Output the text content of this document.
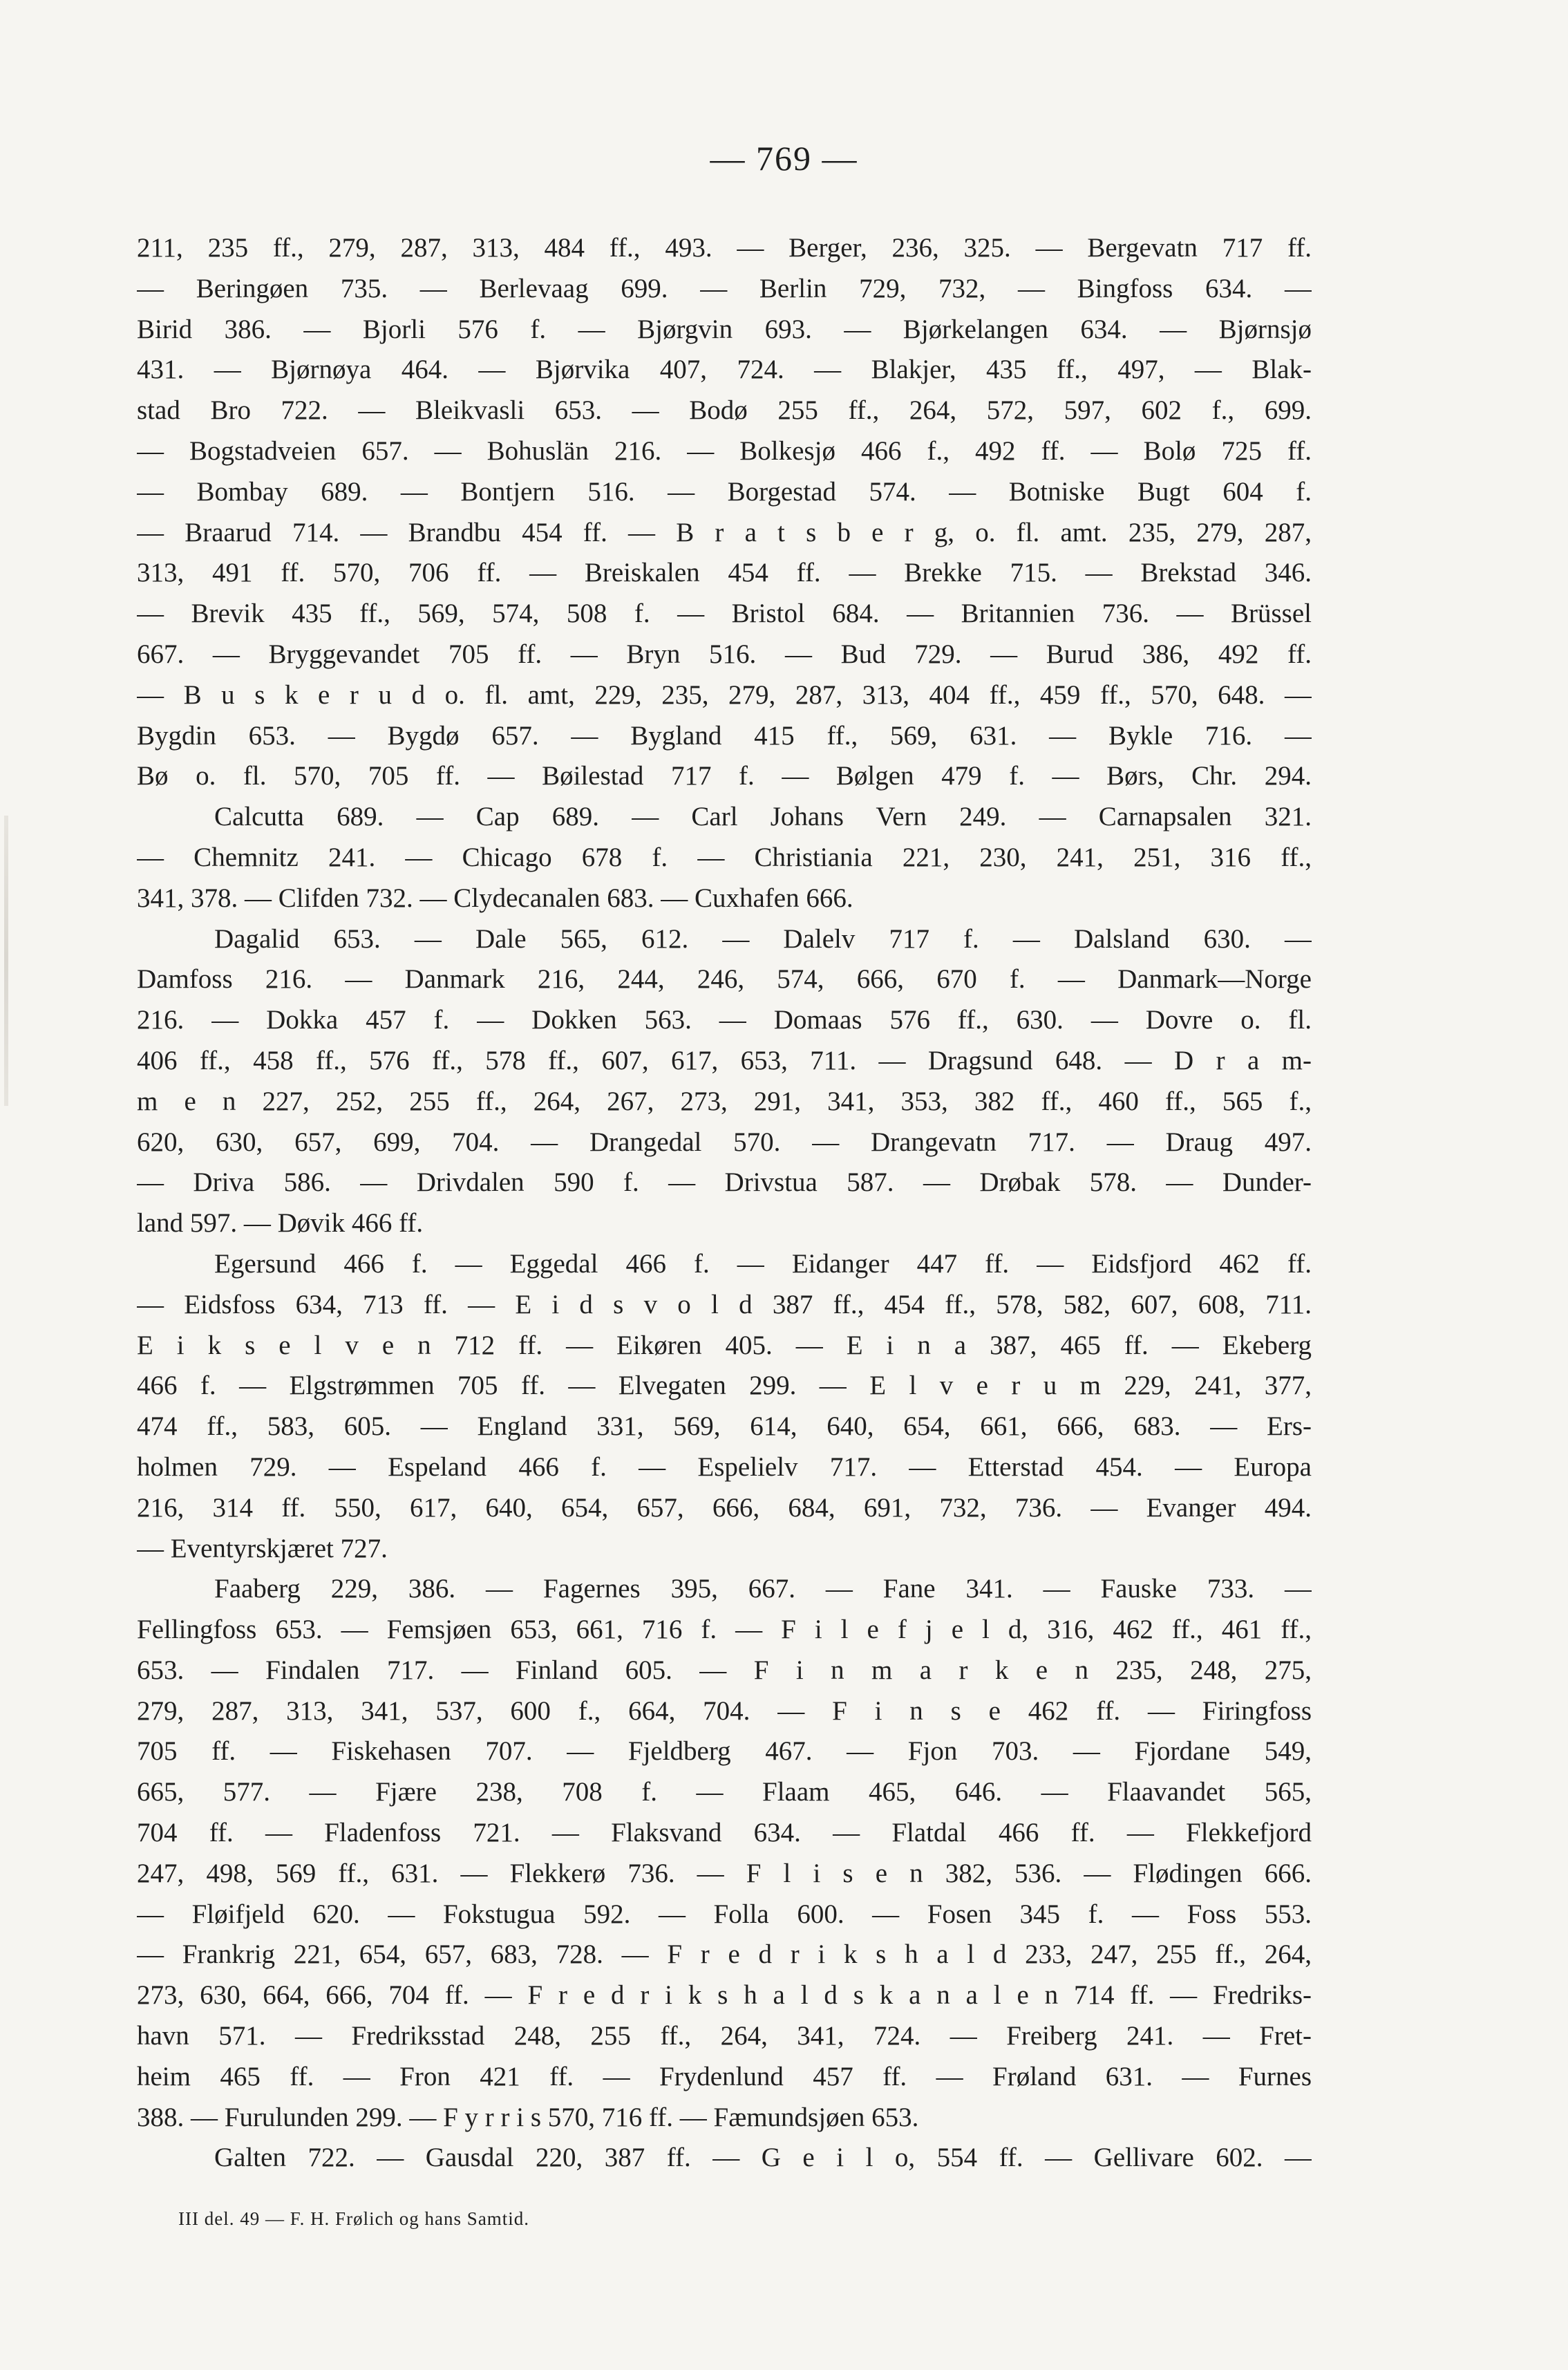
— 769 —
211, 235 ff., 279, 287, 313, 484 ff., 493. — Berger, 236, 325. — Bergevatn 717 ff.
— Beringøen 735. — Berlevaag 699. — Berlin 729, 732, — Bingfoss 634. —
Birid 386. — Bjorli 576 f. — Bjørgvin 693. — Bjørkelangen 634. — Bjørnsjø
431. — Bjørnøya 464. — Bjørvika 407, 724. — Blakjer, 435 ff., 497, — Blak-
stad Bro 722. — Bleikvasli 653. — Bodø 255 ff., 264, 572, 597, 602 f., 699.
— Bogstadveien 657. — Bohuslän 216. — Bolkesjø 466 f., 492 ff. — Bolø 725 ff.
— Bombay 689. — Bontjern 516. — Borgestad 574. — Botniske Bugt 604 f.
— Braarud 714. — Brandbu 454 ff. — B r a t s b e r g, o. fl. amt. 235, 279, 287,
313, 491 ff. 570, 706 ff. — Breiskalen 454 ff. — Brekke 715. — Brekstad 346.
— Brevik 435 ff., 569, 574, 508 f. — Bristol 684. — Britannien 736. — Brüssel
667. — Bryggevandet 705 ff. — Bryn 516. — Bud 729. — Burud 386, 492 ff.
— B u s k e r u d o. fl. amt, 229, 235, 279, 287, 313, 404 ff., 459 ff., 570, 648. —
Bygdin 653. — Bygdø 657. — Bygland 415 ff., 569, 631. — Bykle 716. —
Bø o. fl. 570, 705 ff. — Bøilestad 717 f. — Bølgen 479 f. — Børs, Chr. 294.
Calcutta 689. — Cap 689. — Carl Johans Vern 249. — Carnapsalen 321.
— Chemnitz 241. — Chicago 678 f. — Christiania 221, 230, 241, 251, 316 ff.,
341, 378. — Clifden 732. — Clydecanalen 683. — Cuxhafen 666.
Dagalid 653. — Dale 565, 612. — Dalelv 717 f. — Dalsland 630. —
Damfoss 216. — Danmark 216, 244, 246, 574, 666, 670 f. — Danmark—Norge
216. — Dokka 457 f. — Dokken 563. — Domaas 576 ff., 630. — Dovre o. fl.
406 ff., 458 ff., 576 ff., 578 ff., 607, 617, 653, 711. — Dragsund 648. — D r a m-
m e n 227, 252, 255 ff., 264, 267, 273, 291, 341, 353, 382 ff., 460 ff., 565 f.,
620, 630, 657, 699, 704. — Drangedal 570. — Drangevatn 717. — Draug 497.
— Driva 586. — Drivdalen 590 f. — Drivstua 587. — Drøbak 578. — Dunder-
land 597. — Døvik 466 ff.
Egersund 466 f. — Eggedal 466 f. — Eidanger 447 ff. — Eidsfjord 462 ff.
— Eidsfoss 634, 713 ff. — E i d s v o l d 387 ff., 454 ff., 578, 582, 607, 608, 711.
E i k s e l v e n 712 ff. — Eikøren 405. — E i n a 387, 465 ff. — Ekeberg
466 f. — Elgstrømmen 705 ff. — Elvegaten 299. — E l v e r u m 229, 241, 377,
474 ff., 583, 605. — England 331, 569, 614, 640, 654, 661, 666, 683. — Ers-
holmen 729. — Espeland 466 f. — Espelielv 717. — Etterstad 454. — Europa
216, 314 ff. 550, 617, 640, 654, 657, 666, 684, 691, 732, 736. — Evanger 494.
— Eventyrskjæret 727.
Faaberg 229, 386. — Fagernes 395, 667. — Fane 341. — Fauske 733. —
Fellingfoss 653. — Femsjøen 653, 661, 716 f. — F i l e f j e l d, 316, 462 ff., 461 ff.,
653. — Findalen 717. — Finland 605. — F i n m a r k e n 235, 248, 275,
279, 287, 313, 341, 537, 600 f., 664, 704. — F i n s e 462 ff. — Firingfoss
705 ff. — Fiskehasen 707. — Fjeldberg 467. — Fjon 703. — Fjordane 549,
665, 577. — Fjære 238, 708 f. — Flaam 465, 646. — Flaavandet 565,
704 ff. — Fladenfoss 721. — Flaksvand 634. — Flatdal 466 ff. — Flekkefjord
247, 498, 569 ff., 631. — Flekkerø 736. — F l i s e n 382, 536. — Flødingen 666.
— Fløifjeld 620. — Fokstugua 592. — Folla 600. — Fosen 345 f. — Foss 553.
— Frankrig 221, 654, 657, 683, 728. — F r e d r i k s h a l d 233, 247, 255 ff., 264,
273, 630, 664, 666, 704 ff. — F r e d r i k s h a l d s k a n a l e n 714 ff. — Fredriks-
havn 571. — Fredriksstad 248, 255 ff., 264, 341, 724. — Freiberg 241. — Fret-
heim 465 ff. — Fron 421 ff. — Frydenlund 457 ff. — Frøland 631. — Furnes
388. — Furulunden 299. — F y r r i s 570, 716 ff. — Fæmundsjøen 653.
Galten 722. — Gausdal 220, 387 ff. — G e i l o, 554 ff. — Gellivare 602. —
III del. 49 — F. H. Frølich og hans Samtid.
